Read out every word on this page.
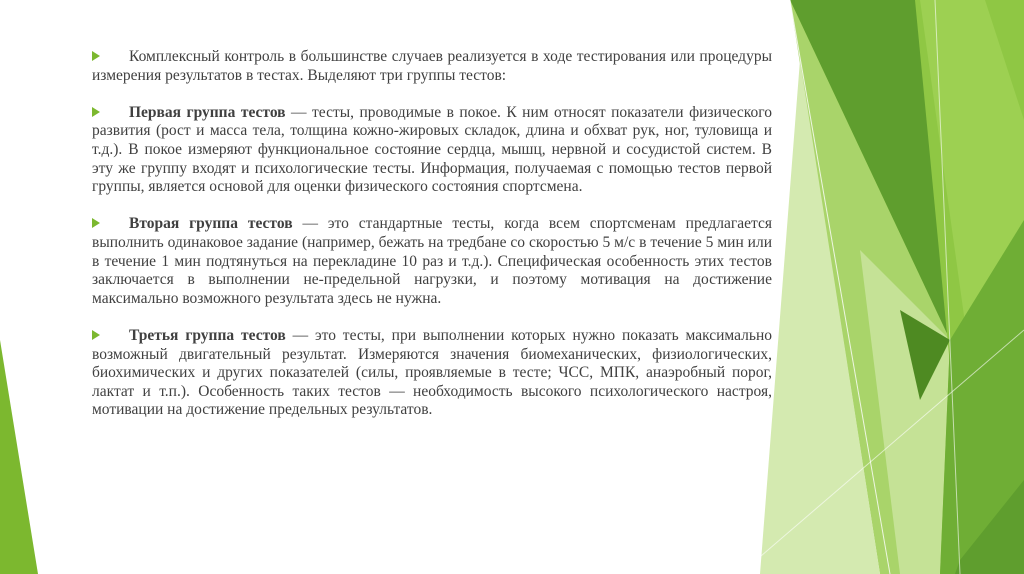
Комплексный контроль в большинстве случаев реализуется в ходе тестирования или процедуры измерения результатов в тестах. Выделяют три группы тестов:

Первая группа тестов — тесты, проводимые в покое. К ним относят показатели физического развития (рост и масса тела, толщина кожно-жировых складок, длина и обхват рук, ног, туловища и т.д.). В покое измеряют функциональное состояние сердца, мышц, нервной и сосудистой систем. В эту же группу входят и психологические тесты. Информация, получаемая с помощью тестов первой группы, является основой для оценки физического состояния спортсмена.

Вторая группа тестов — это стандартные тесты, когда всем спортсменам предлагается выполнить одинаковое задание (например, бежать на тредбане со скоростью 5 м/с в течение 5 мин или в течение 1 мин подтянуться на перекладине 10 раз и т.д.). Специфическая особенность этих тестов заключается в выполнении не-предельной нагрузки, и поэтому мотивация на достижение максимально возможного результата здесь не нужна.

Третья группа тестов — это тесты, при выполнении которых нужно показать максимально возможный двигательный результат. Измеряются значения биомеханических, физиологических, биохимических и других показателей (силы, проявляемые в тесте; ЧСС, МПК, анаэробный порог, лактат и т.п.). Особенность таких тестов — необходимость высокого психологического настроя, мотивации на достижение предельных результатов.
